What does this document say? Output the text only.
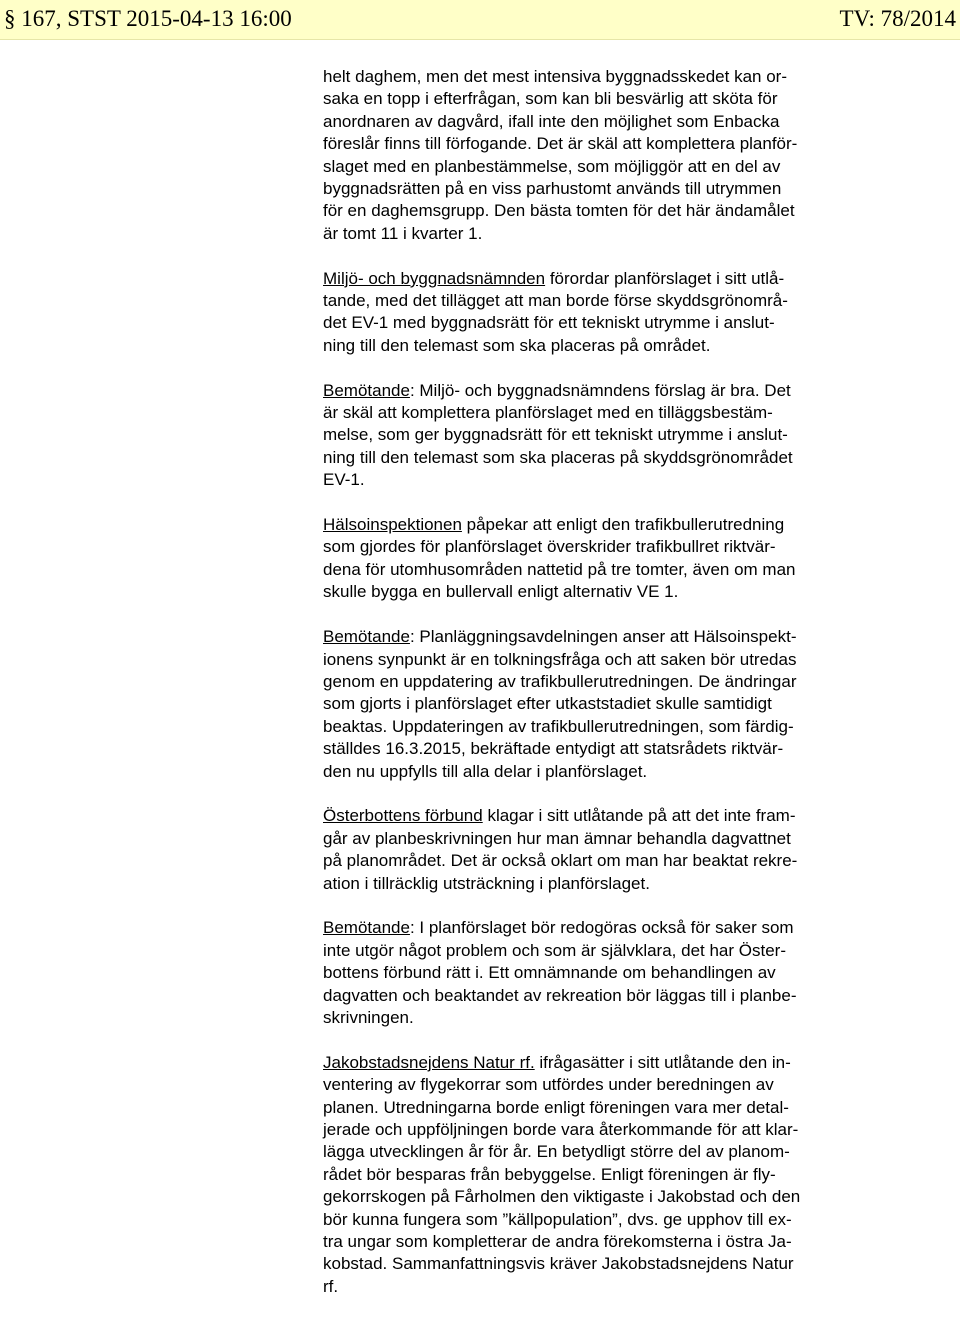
§ 167, STST 2015-04-13 16:00	TV: 78/2014

helt daghem, men det mest intensiva byggnadsskedet kan or-
saka en topp i efterfrågan, som kan bli besvärlig att sköta för
anordnaren av dagvård, ifall inte den möjlighet som Enbacka
föreslår finns till förfogande. Det är skäl att komplettera planför-
slaget med en planbestämmelse, som möjliggör att en del av
byggnadsrätten på en viss parhustomt används till utrymmen
för en daghemsgrupp. Den bästa tomten för det här ändamålet
är tomt 11 i kvarter 1.

Miljö- och byggnadsnämnden förordar planförslaget i sitt utlå-
tande, med det tillägget att man borde förse skyddsgrönområ-
det EV-1 med byggnadsrätt för ett tekniskt utrymme i anslut-
ning till den telemast som ska placeras på området.

Bemötande: Miljö- och byggnadsnämndens förslag är bra. Det
är skäl att komplettera planförslaget med en tilläggsbestäm-
melse, som ger byggnadsrätt för ett tekniskt utrymme i anslut-
ning till den telemast som ska placeras på skyddsgrönområdet
EV-1.

Hälsoinspektionen påpekar att enligt den trafikbullerutredning
som gjordes för planförslaget överskrider trafikbullret riktvär-
dena för utomhusområden nattetid på tre tomter, även om man
skulle bygga en bullervall enligt alternativ VE 1.

Bemötande: Planläggningsavdelningen anser att Hälsoinspekt-
ionens synpunkt är en tolkningsfråga och att saken bör utredas
genom en uppdatering av trafikbullerutredningen. De ändringar
som gjorts i planförslaget efter utkaststadiet skulle samtidigt
beaktas. Uppdateringen av trafikbullerutredningen, som färdig-
ställdes 16.3.2015, bekräftade entydigt att statsrådets riktvär-
den nu uppfylls till alla delar i planförslaget.

Österbottens förbund klagar i sitt utlåtande på att det inte fram-
går av planbeskrivningen hur man ämnar behandla dagvattnet
på planområdet. Det är också oklart om man har beaktat rekre-
ation i tillräcklig utsträckning i planförslaget.

Bemötande: I planförslaget bör redogöras också för saker som
inte utgör något problem och som är självklara, det har Öster-
bottens förbund rätt i. Ett omnämnande om behandlingen av
dagvatten och beaktandet av rekreation bör läggas till i planbe-
skrivningen.

Jakobstadsnejdens Natur rf. ifrågasätter i sitt utlåtande den in-
ventering av flygekorrar som utfördes under beredningen av
planen. Utredningarna borde enligt föreningen vara mer detal-
jerade och uppföljningen borde vara återkommande för att klar-
lägga utvecklingen år för år. En betydligt större del av planom-
rådet bör besparas från bebyggelse. Enligt föreningen är fly-
gekorrskogen på Fårholmen den viktigaste i Jakobstad och den
bör kunna fungera som ”källpopulation”, dvs. ge upphov till ex-
tra ungar som kompletterar de andra förekomsterna i östra Ja-
kobstad. Sammanfattningsvis kräver Jakobstadsnejdens Natur
rf.
